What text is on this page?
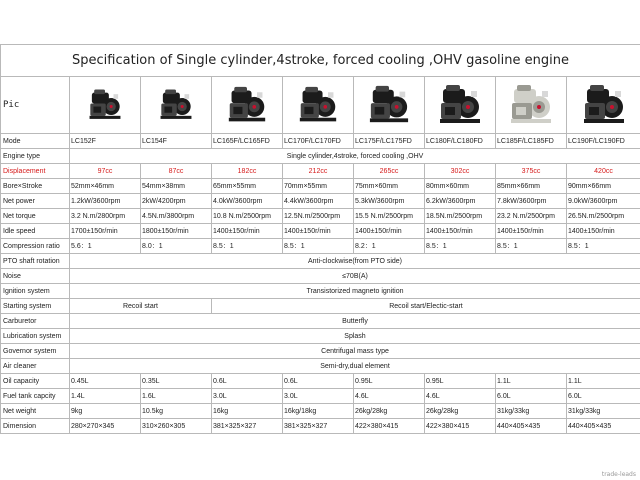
Specification of Single cylinder,4stroke, forced cooling ,OHV gasoline engine								
Pic	

Mode	LC152F	LC154F	LC165F/LC165FD	LC170F/LC170FD	LC175F/LC175FD	LC180F/LC180FD	LC185F/LC185FD	LC190F/LC190FD
Engine type	Single cylinder,4stroke, forced cooling ,OHV							
Displacement	97cc	87cc	182cc	212cc	265cc	302cc	375cc	420cc
Bore×Stroke	52mm×46mm	54mm×38mm	65mm×55mm	70mm×55mm	75mm×60mm	80mm×60mm	85mm×66mm	90mm×66mm
Net power	1.2kW/3600rpm	2kW/4200rpm	4.0kW/3600rpm	4.4kW/3600rpm	5.3kW/3600rpm	6.2kW/3600rpm	7.8kW/3600rpm	9.0kW/3600rpm
Net torque	3.2 N.m/2800rpm	4.5N.m/3800rpm	10.8 N.m/2500rpm	12.5N.m/2500rpm	15.5 N.m/2500rpm	18.5N.m/2500rpm	23.2 N.m/2500rpm	26.5N.m/2500rpm
Idle speed	1700±150r/min	1800±150r/min	1400±150r/min	1400±150r/min	1400±150r/min	1400±150r/min	1400±150r/min	1400±150r/min
Compression ratio	5.6：1	8.0：1	8.5：1	8.5：1	8.2：1	8.5：1	8.5：1	8.5：1
PTO shaft rotation	Anti-clockwise(from PTO side)							
Noise	≤70B(A)							
Ignition system	Transistorized magneto ignition							
Starting system	Recoil start		Recoil start/Electic-start					
Carburetor	Butterfly							
Lubrication system	Splash							
Governor system	Centrifugal mass type							
Air cleaner	Semi-dry,dual element							
Oil capacity	0.45L	0.35L	0.6L	0.6L	0.95L	0.95L	1.1L	1.1L
Fuel tank capcity	1.4L	1.6L	3.0L	3.0L	4.6L	4.6L	6.0L	6.0L
Net weight	9kg	10.5kg	16kg	16kg/18kg	26kg/28kg	26kg/28kg	31kg/33kg	31kg/33kg
Dimension	280×270×345	310×260×305	381×325×327	381×325×327	422×380×415	422×380×415	440×405×435	440×405×435
trade-leads
